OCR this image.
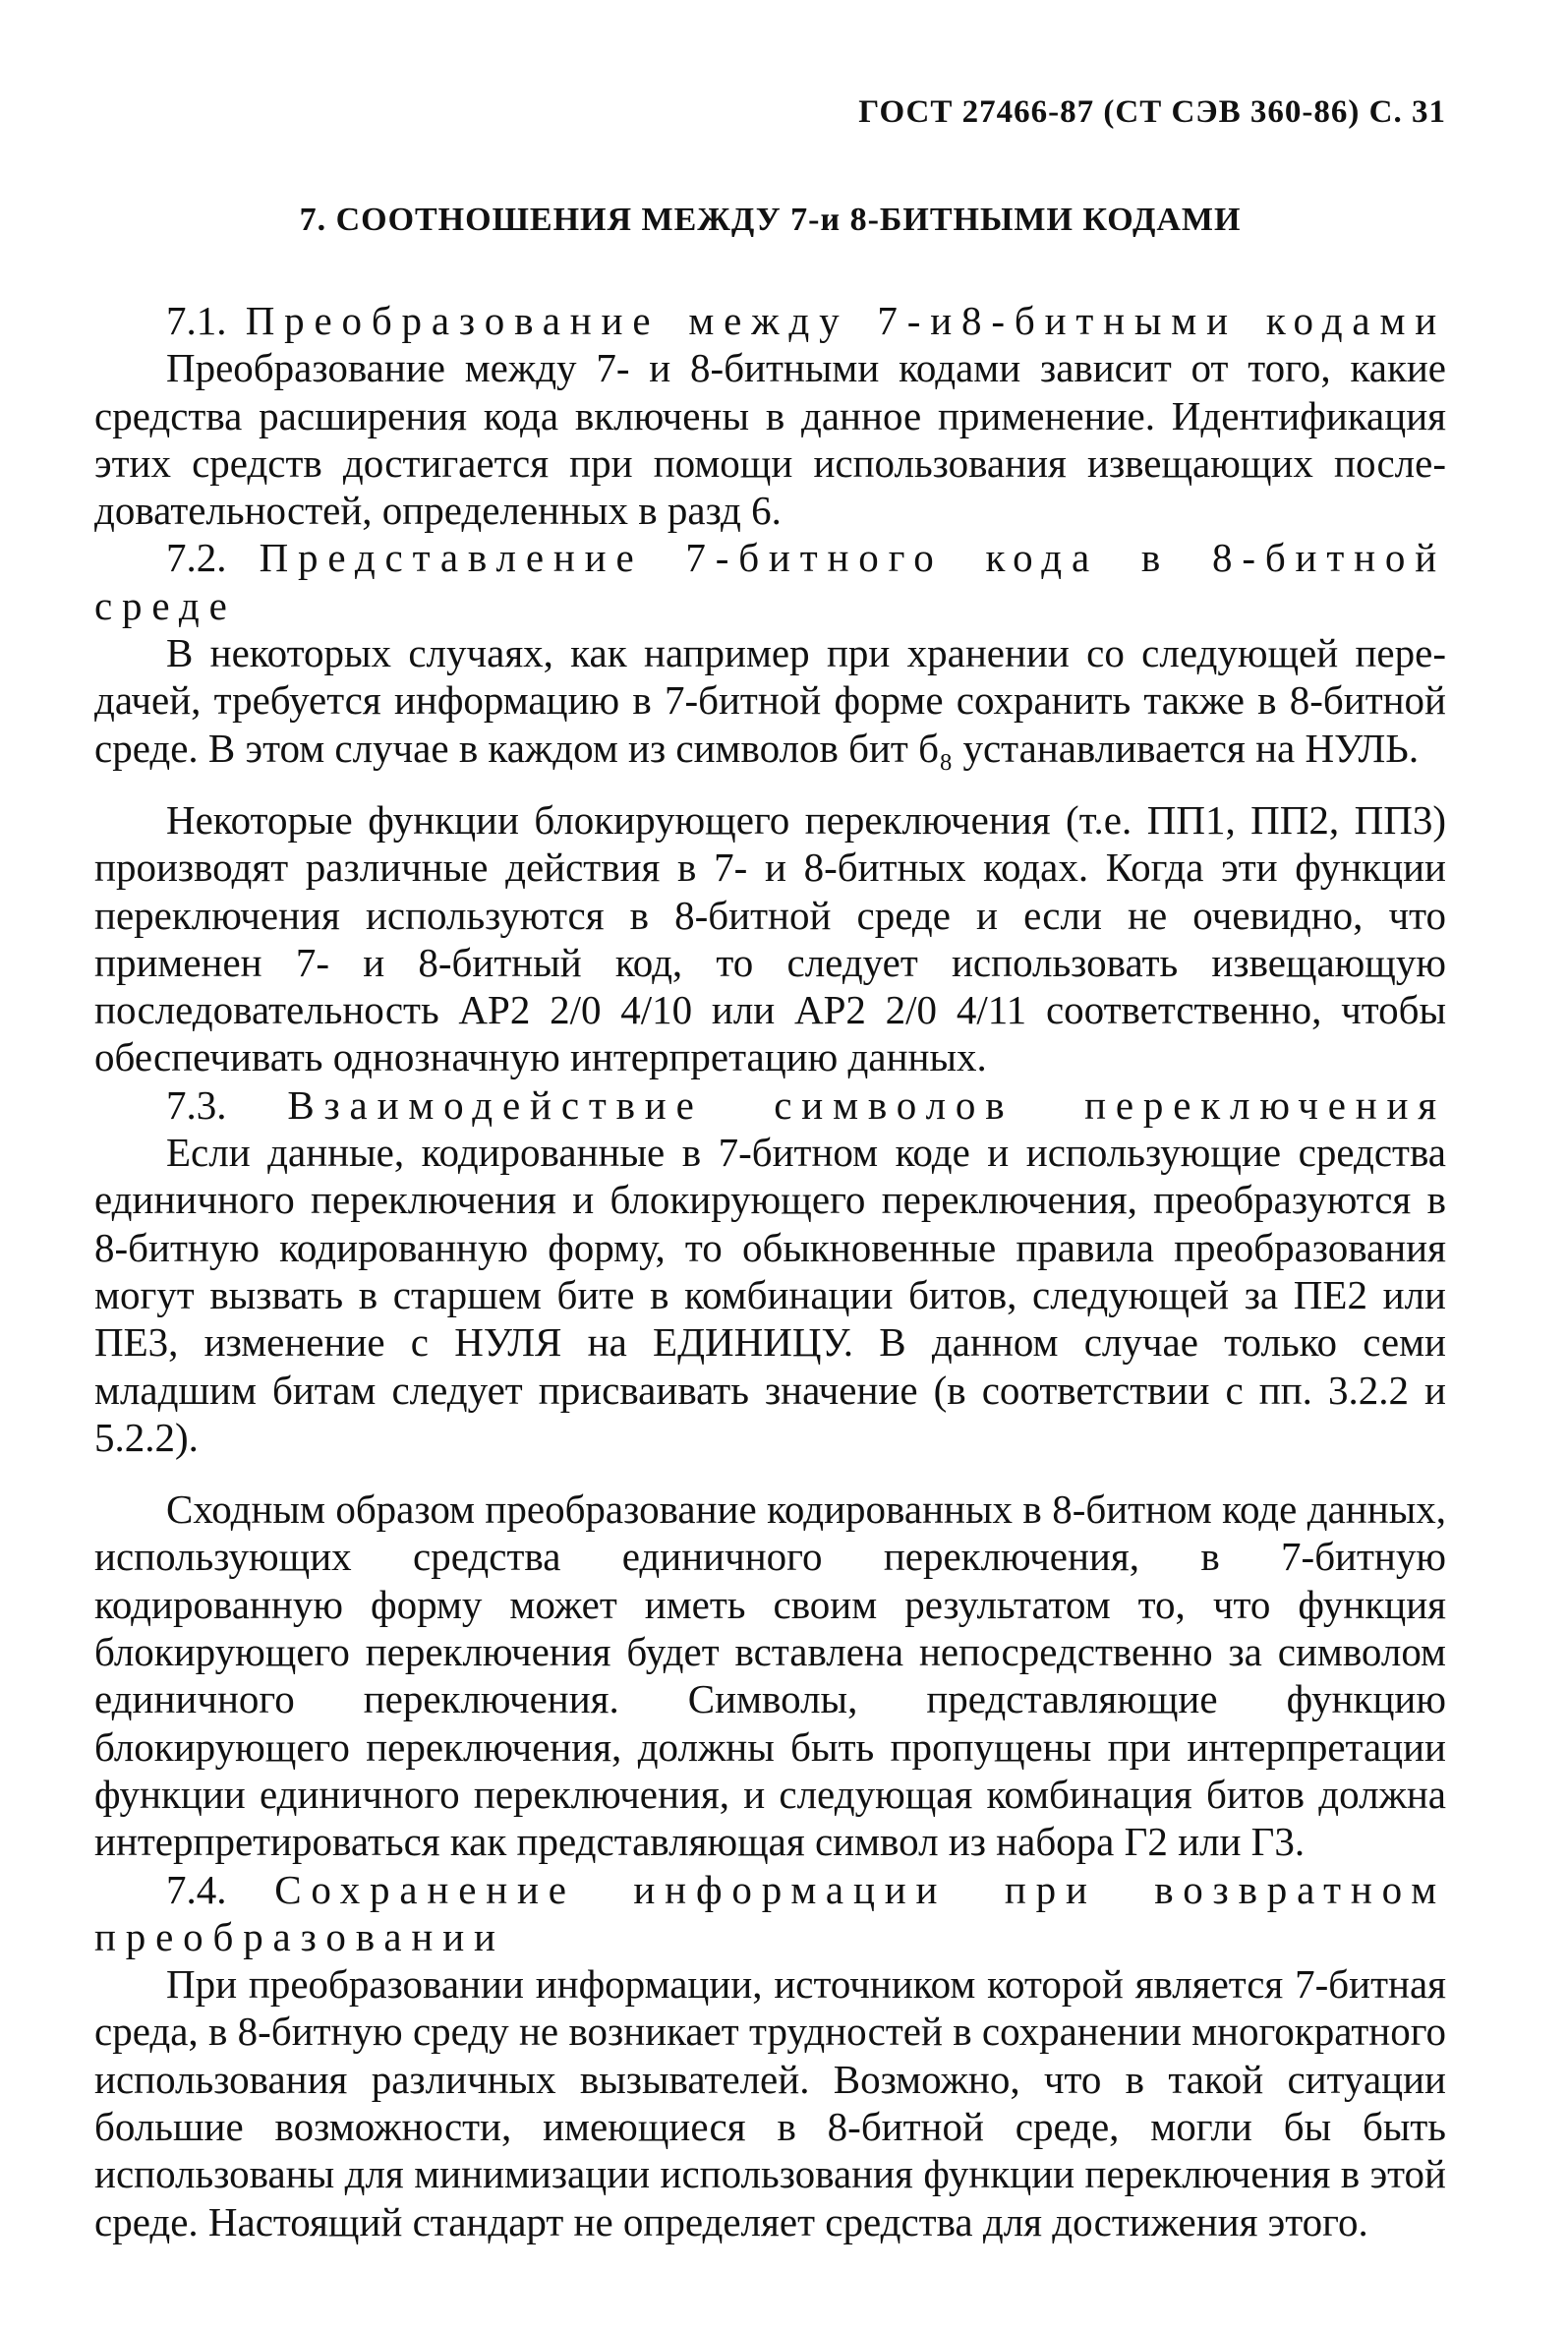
ГОСТ 27466-87 (СТ СЭВ 360-86) С. 31
7. СООТНОШЕНИЯ МЕЖДУ 7-и 8-БИТНЫМИ КОДАМИ
7.1. Преобразование между 7-и8-битными кодами

Преобразование между 7- и 8-битными кодами зависит от того, какие средства расширения кода включены в данное применение. Идентификация этих средств достигается при помощи использования извещающих последовательностей, определенных в разд 6.

7.2. Представление 7-битного кода в 8-битной среде

В некоторых случаях, как например при хранении со следующей передачей, требуется информацию в 7-битной форме сохранить также в 8-битной среде. В этом случае в каждом из символов бит б₈ устанавливается на НУЛЬ.

Некоторые функции блокирующего переключения (т.е. ПП1, ПП2, ПП3) производят различные действия в 7- и 8-битных кодах. Когда эти функции переключения используются в 8-битной среде и если не очевидно, что применен 7- и 8-битный код, то следует использовать извещающую последовательность АР2 2/0 4/10 или АР2 2/0 4/11 соответственно, чтобы обеспечивать однозначную интерпретацию данных.

7.3. Взаимодействие символов переключения

Если данные, кодированные в 7-битном коде и использующие средства единичного переключения и блокирующего переключения, преобразуются в 8-битную кодированную форму, то обыкновенные правила преобразования могут вызвать в старшем бите в комбинации битов, следующей за ПЕ2 или ПЕ3, изменение с НУЛЯ на ЕДИНИЦУ. В данном случае только семи младшим битам следует присваивать значение (в соответствии с пп. 3.2.2 и 5.2.2).

Сходным образом преобразование кодированных в 8-битном коде данных, использующих средства единичного переключения, в 7-битную кодированную форму может иметь своим результатом то, что функция блокирующего переключения будет вставлена непосредственно за символом единичного переключения. Символы, представляющие функцию блокирующего переключения, должны быть пропущены при интерпретации функции единичного переключения, и следующая комбинация битов должна интерпретироваться как представляющая символ из набора Г2 или Г3.

7.4. Сохранение информации при возвратном преобразовании

При преобразовании информации, источником которой является 7-битная среда, в 8-битную среду не возникает трудностей в сохранении многократного использования различных вызывателей. Возможно, что в такой ситуации большие возможности, имеющиеся в 8-битной среде, могли бы быть использованы для минимизации использования функции переключения в этой среде. Настоящий стандарт не определяет средства для достижения этого.
